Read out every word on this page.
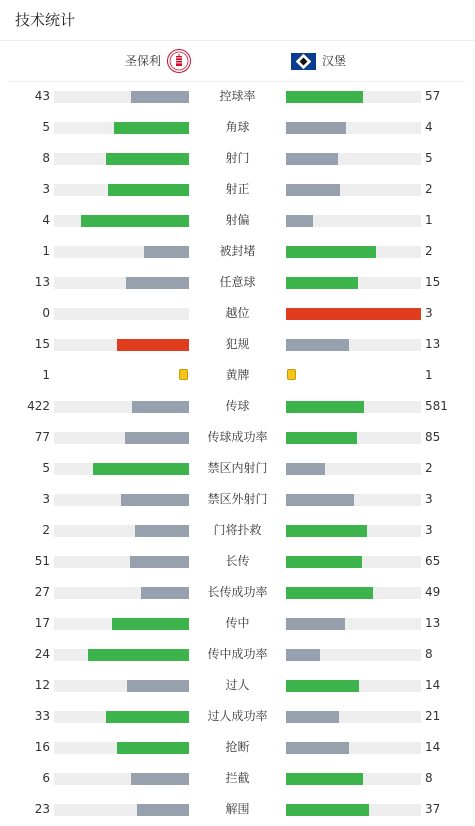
技术统计
圣保利	汉堡
43	控球率	57
5	角球	4
8	射门	5
3	射正	2
4	射偏	1
1	被封堵	2
13	任意球	15
0	越位	3
15	犯规	13
1	黄牌	1
422	传球	581
77	传球成功率	85
5	禁区内射门	2
3	禁区外射门	3
2	门将扑救	3
51	长传	65
27	长传成功率	49
17	传中	13
24	传中成功率	8
12	过人	14
33	过人成功率	21
16	抢断	14
6	拦截	8
23	解围	37
